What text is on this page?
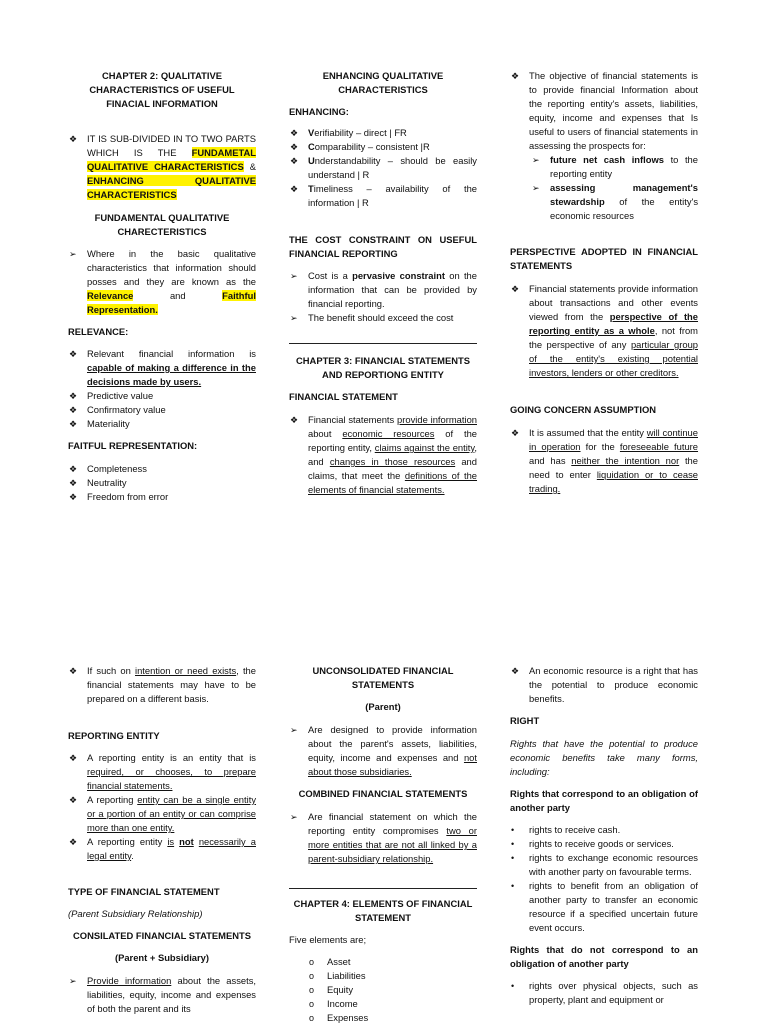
CHAPTER 2: QUALITATIVE CHARACTERISTICS OF USEFUL FINACIAL INFORMATION

❖ IT IS SUB-DIVIDED IN TO TWO PARTS WHICH IS THE FUNDAMETAL QUALITATIVE CHARACTERISTICS & ENHANCING QUALITATIVE CHARACTERISTICS

FUNDAMENTAL QUALITATIVE CHARECTERISTICS

➢ Where in the basic qualitative characteristics that information should posses and they are known as the Relevance	and	Faithful Representation.

RELEVANCE:

❖ Relevant financial information is capable of making a difference in the decisions made by users.
❖ Predictive value
❖ Confirmatory value
❖ Materiality

FAITFUL REPRESENTATION:

❖ Completeness
❖ Neutrality
❖ Freedom from error

ENHANCING QUALITATIVE CHARACTERISTICS

ENHANCING:

❖ Verifiability – direct | FR
❖ Comparability – consistent |R
❖ Understandability – should be easily understand | R
❖ Timeliness – availability of the information | R

THE COST CONSTRAINT ON USEFUL FINANCIAL REPORTING

➢ Cost is a pervasive constraint on the information that can be provided by financial reporting.
➢ The benefit should exceed the cost

CHAPTER 3: FINANCIAL STATEMENTS AND REPORTIONG ENTITY

FINANCIAL STATEMENT

❖ Financial statements provide information about economic resources of the reporting entity, claims against the entity, and changes in those resources and claims, that meet the definitions of the elements of financial statements.
❖ The objective of financial statements is to provide financial Information about the reporting entity's assets, liabilities, equity, income and expenses that Is useful to users of financial statements in assessing the prospects for:
➢ future net cash inflows to the reporting entity
➢ assessing management's stewardship of the entity's economic resources

PERSPECTIVE ADOPTED IN FINANCIAL STATEMENTS

❖ Financial statements provide information about transactions and other events viewed from the perspective of the reporting entity as a whole, not from the perspective of any particular group of the entity's existing potential investors, lenders or other creditors.

GOING CONCERN ASSUMPTION

❖ It is assumed that the entity will continue in operation for the foreseeable future and has neither the intention nor the need to enter liquidation or to cease trading.
❖ If such on intention or need exists, the financial statements may have to be prepared on a different basis.

REPORTING ENTITY

❖ A reporting entity is an entity that is required, or chooses, to prepare financial statements.
❖ A reporting entity can be a single entity or a portion of an entity or can comprise more than one entity.
❖ A reporting entity is not necessarily a legal entity.

TYPE OF FINANCIAL STATEMENT

(Parent Subsidiary Relationship)

CONSILATED FINANCIAL STATEMENTS

(Parent + Subsidiary)

➢ Provide information about the assets, liabilities, equity, income and expenses of both the parent and its

UNCONSOLIDATED FINANCIAL STATEMENTS

(Parent)

➢ Are designed to provide information about the parent's assets, liabilities, equity, income and expenses and not about those subsidiaries.

COMBINED FINANCIAL STATEMENTS

➢ Are financial statement on which the reporting entity compromises two or more entities that are not all linked by a parent-subsidiary relationship.

CHAPTER 4: ELEMENTS OF FINANCIAL STATEMENT

Five elements are;

o Asset
o Liabilities
o Equity
o Income
o Expenses
❖ An economic resource is a right that has the potential to produce economic benefits.

RIGHT

Rights that have the potential to produce economic benefits take many forms, including:

Rights that correspond to an obligation of another party

• rights to receive cash.
• rights to receive goods or services.
• rights to exchange economic resources with another party on favourable terms.
• rights to benefit from an obligation of another party to transfer an economic resource if a specified uncertain future event occurs.

Rights that do not correspond to an obligation of another party

• rights over physical objects, such as property, plant and equipment or
